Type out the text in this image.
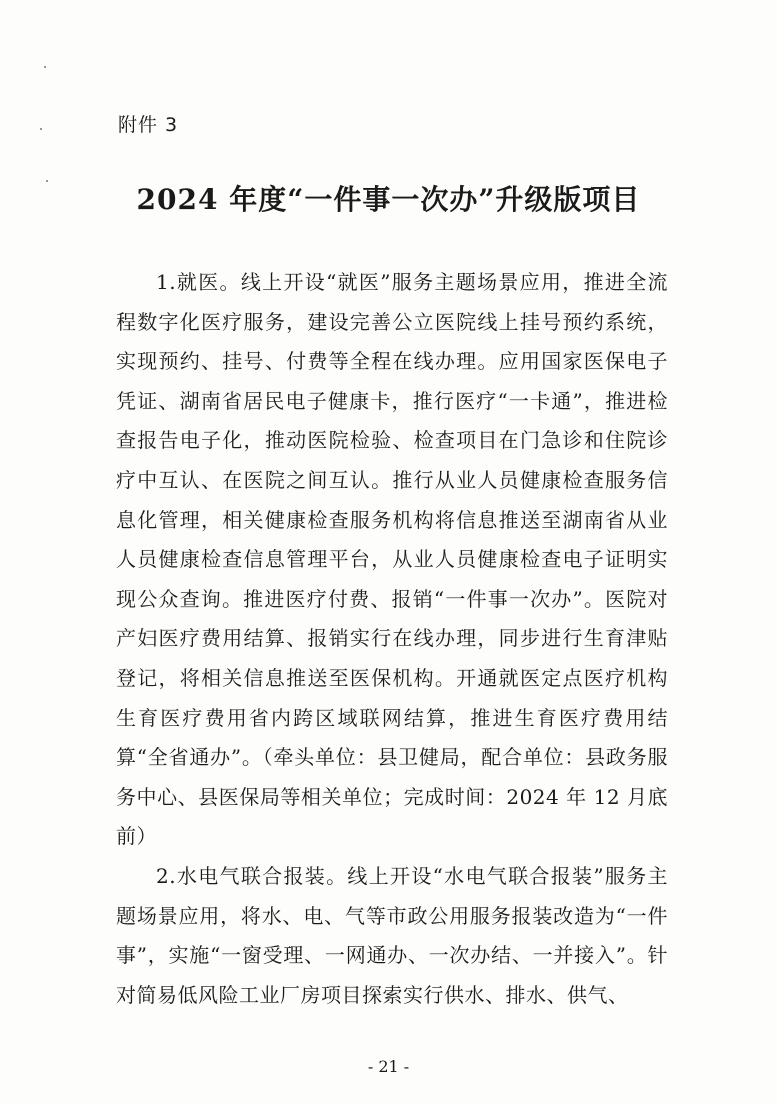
附件 3

2024 年度“一件事一次办”升级版项目

1.就医。线上开设“就医”服务主题场景应用，推进全流程数字化医疗服务，建设完善公立医院线上挂号预约系统，实现预约、挂号、付费等全程在线办理。应用国家医保电子凭证、湖南省居民电子健康卡，推行医疗“一卡通”，推进检查报告电子化，推动医院检验、检查项目在门急诊和住院诊疗中互认、在医院之间互认。推行从业人员健康检查服务信息化管理，相关健康检查服务机构将信息推送至湖南省从业人员健康检查信息管理平台，从业人员健康检查电子证明实现公众查询。推进医疗付费、报销“一件事一次办”。医院对产妇医疗费用结算、报销实行在线办理，同步进行生育津贴登记，将相关信息推送至医保机构。开通就医定点医疗机构生育医疗费用省内跨区域联网结算，推进生育医疗费用结算“全省通办”。（牵头单位：县卫健局，配合单位：县政务服务中心、县医保局等相关单位；完成时间：2024 年 12 月底前）

2.水电气联合报装。线上开设“水电气联合报装”服务主题场景应用，将水、电、气等市政公用服务报装改造为“一件事”，实施“一窗受理、一网通办、一次办结、一并接入”。针对简易低风险工业厂房项目探索实行供水、排水、供气、

- 21 -
